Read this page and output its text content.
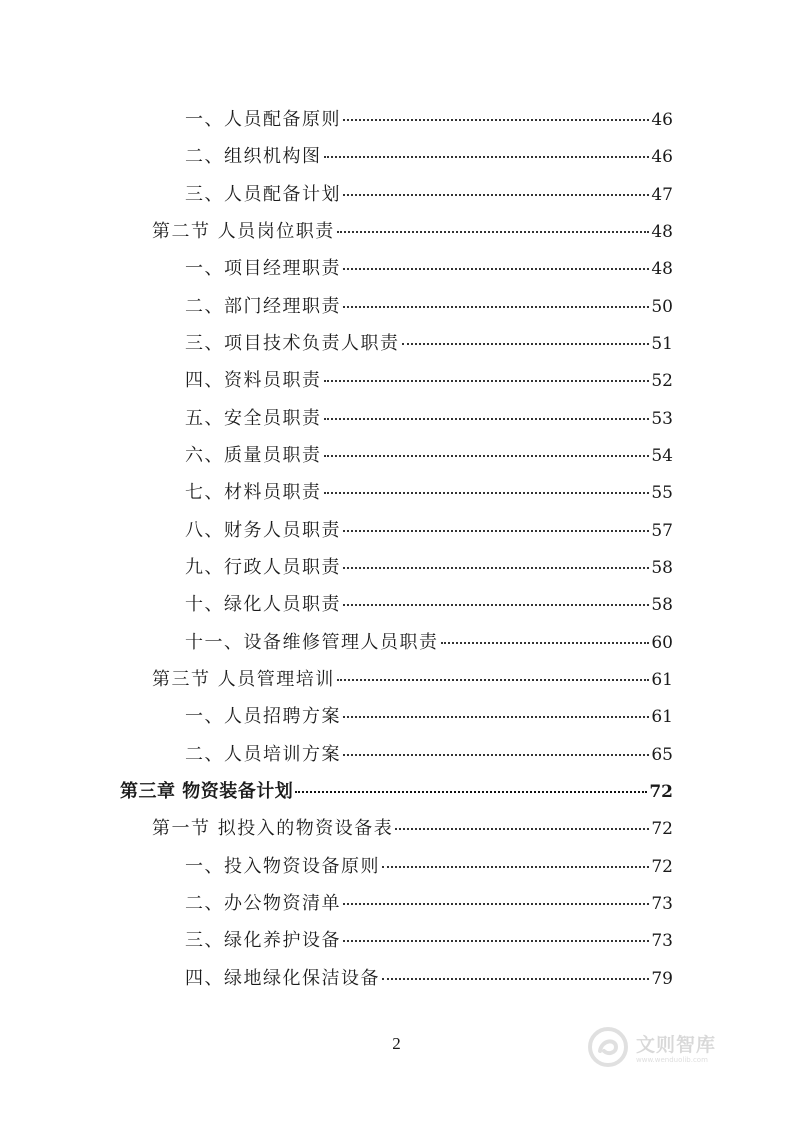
一、人员配备原则	46
二、组织机构图	46
三、人员配备计划	47
第二节 人员岗位职责	48
一、项目经理职责	48
二、部门经理职责	50
三、项目技术负责人职责	51
四、资料员职责	52
五、安全员职责	53
六、质量员职责	54
七、材料员职责	55
八、财务人员职责	57
九、行政人员职责	58
十、绿化人员职责	58
十一、设备维修管理人员职责	60
第三节 人员管理培训	61
一、人员招聘方案	61
二、人员培训方案	65
第三章 物资装备计划	72
第一节 拟投入的物资设备表	72
一、投入物资设备原则	72
二、办公物资清单	73
三、绿化养护设备	73
四、绿地绿化保洁设备	79
2	文则智库
www.wenduolib.com
